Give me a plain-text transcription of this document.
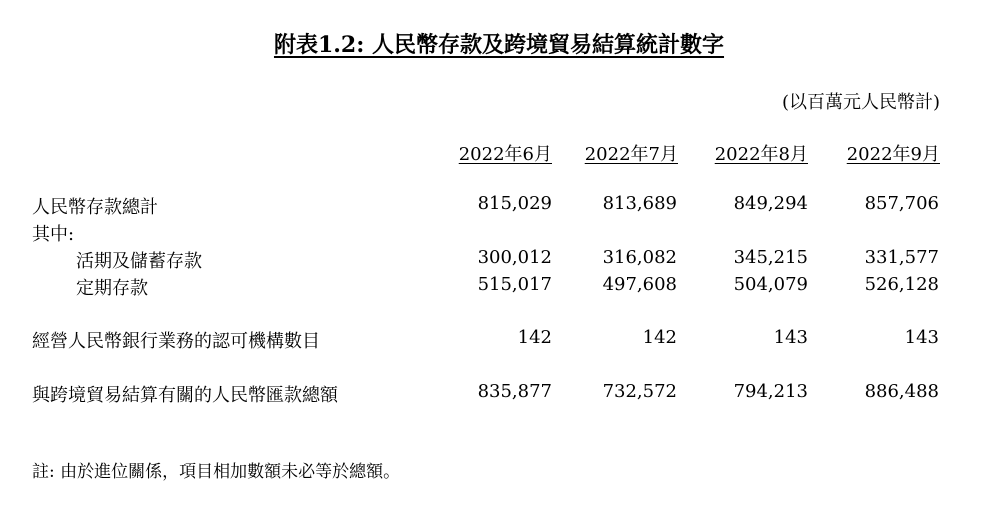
附表1.2: 人民幣存款及跨境貿易結算統計數字
(以百萬元人民幣計)
2022年6月 2022年7月 2022年8月 2022年9月
人民幣存款總計	815,029	813,689	849,294	857,706
其中:
活期及儲蓄存款	300,012	316,082	345,215	331,577
定期存款	515,017	497,608	504,079	526,128
經營人民幣銀行業務的認可機構數目	142	142	143	143
與跨境貿易結算有關的人民幣匯款總額	835,877	732,572	794,213	886,488
註: 由於進位關係，項目相加數額未必等於總額。
